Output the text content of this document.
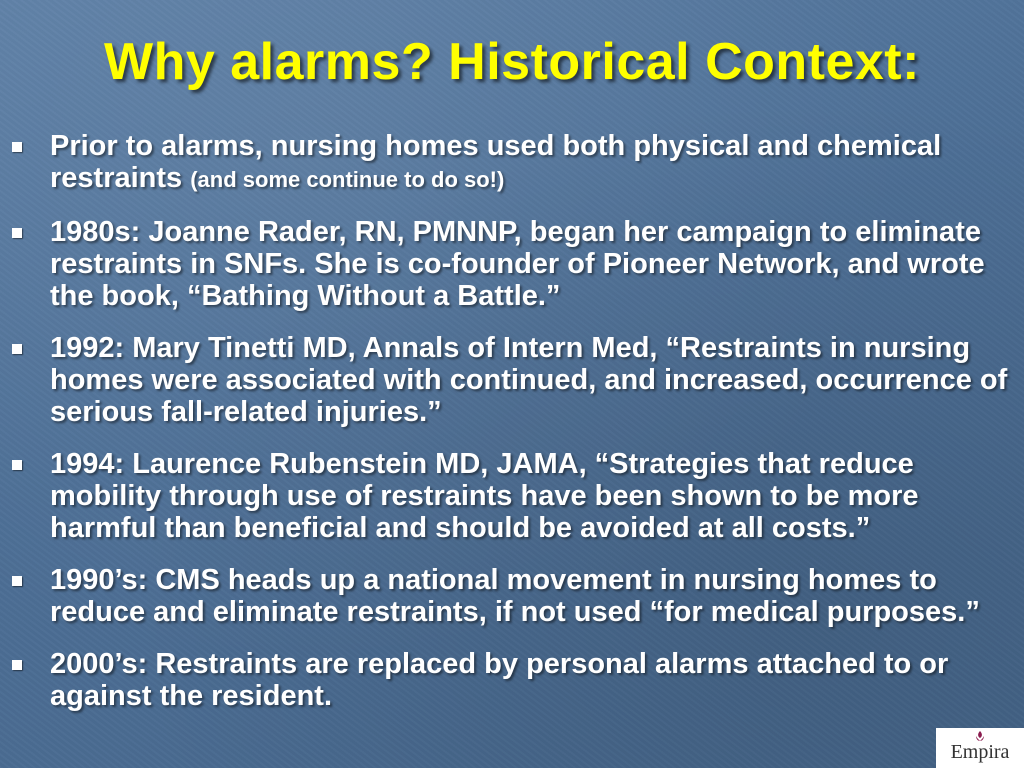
Why alarms? Historical Context:
Prior to alarms, nursing homes used both physical and chemical restraints (and some continue to do so!)
1980s: Joanne Rader, RN, PMNNP, began her campaign to eliminate restraints in SNFs. She is co-founder of Pioneer Network, and wrote the book, “Bathing Without a Battle.”
1992: Mary Tinetti MD, Annals of Intern Med, “Restraints in nursing homes were associated with continued, and increased, occurrence of serious fall-related injuries.”
1994: Laurence Rubenstein MD, JAMA, “Strategies that reduce mobility through use of restraints have been shown to be more harmful than beneficial and should be avoided at all costs.”
1990’s: CMS heads up a national movement in nursing homes to reduce and eliminate restraints, if not used “for medical purposes.”
2000’s: Restraints are replaced by personal alarms attached to or against the resident.
Empira
